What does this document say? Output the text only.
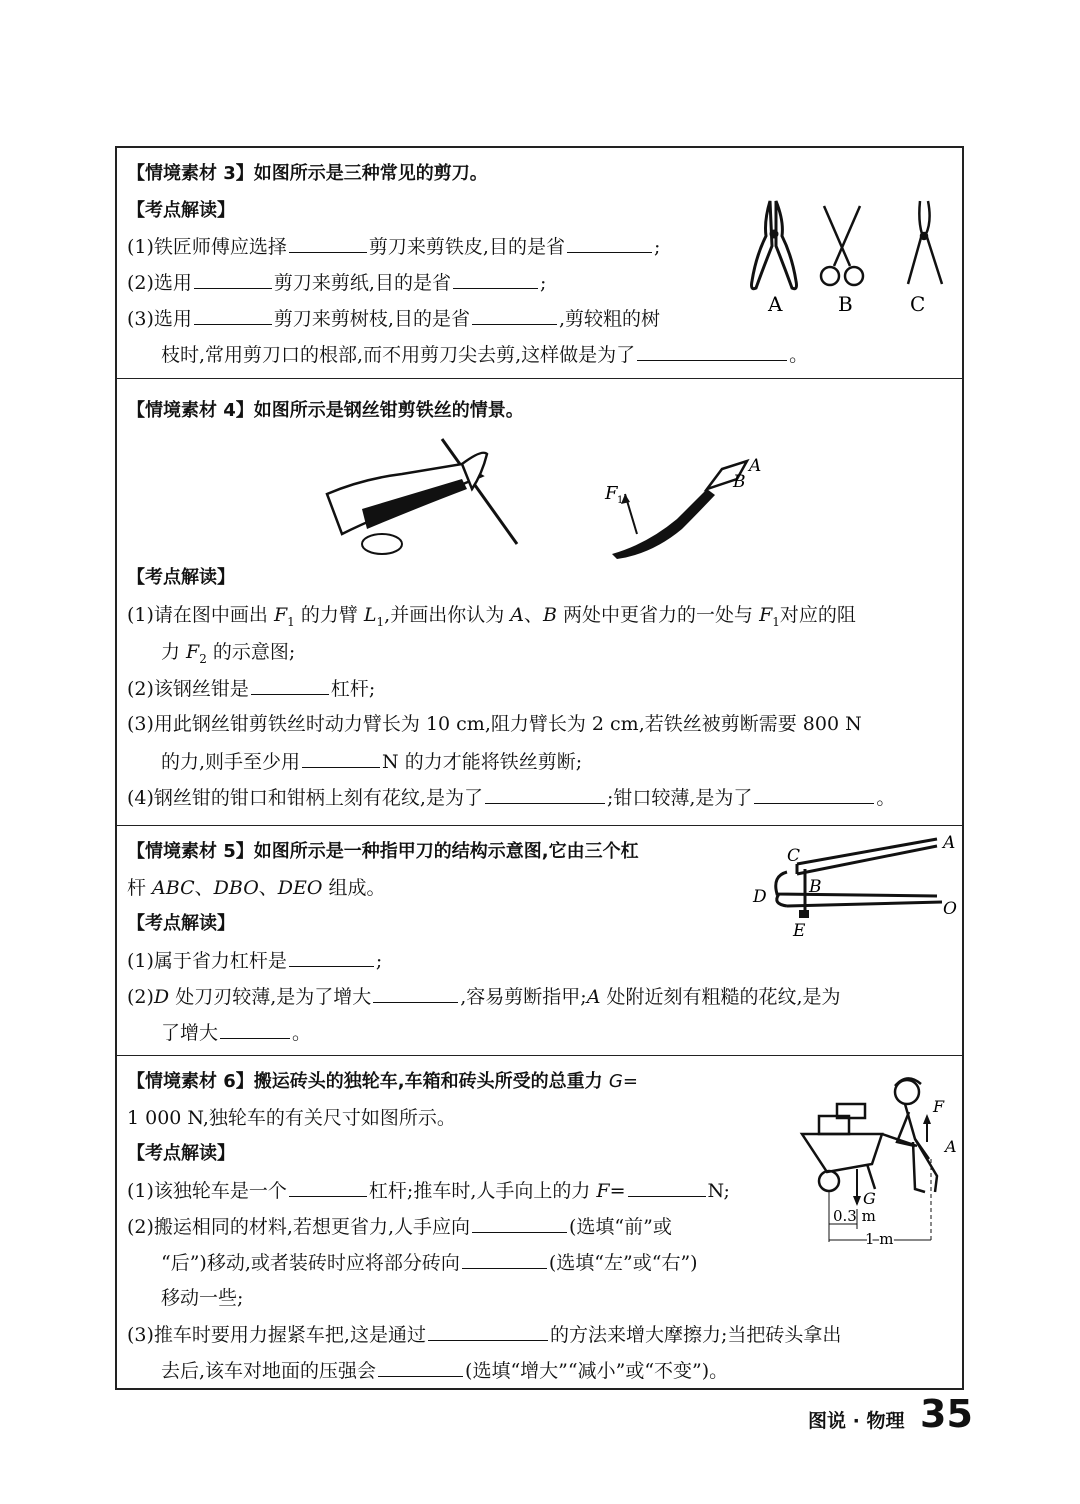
【情境素材 3】如图所示是三种常见的剪刀。
【考点解读】
(1)铁匠师傅应选择	剪刀来剪铁皮,目的是省	;
(2)选用	剪刀来剪纸,目的是省	;
(3)选用	剪刀来剪树枝,目的是省	,剪较粗的树
枝时,常用剪刀口的根部,而不用剪刀尖去剪,这样做是为了	。
A	B	C
【情境素材 4】如图所示是钢丝钳剪铁丝的情景。
F 1
A
B
【考点解读】
(1)请在图中画出 $F_1$ 的力臂 $L_1$,并画出你认为 A、B 两处中更省力的一处与 $F_1$对应的阻
力 $F_2$ 的示意图;
(2)该钢丝钳是	杠杆;
(3)用此钢丝钳剪铁丝时动力臂长为 10 cm,阻力臂长为 2 cm,若铁丝被剪断需要 800 N
的力,则手至少用	N 的力才能将铁丝剪断;
(4)钢丝钳的钳口和钳柄上刻有花纹,是为了	;钳口较薄,是为了	。
【情境素材 5】如图所示是一种指甲刀的结构示意图,它由三个杠
杆 ABC、DBO、DEO 组成。
【考点解读】
(1)属于省力杠杆是	;
(2)D 处刀刃较薄,是为了增大	,容易剪断指甲;A 处附近刻有粗糙的花纹,是为
了增大	。
C
A
B
D
O
E
【情境素材 6】搬运砖头的独轮车,车箱和砖头所受的总重力 G=
1 000 N,独轮车的有关尺寸如图所示。
【考点解读】
(1)该独轮车是一个	杠杆;推车时,人手向上的力 F=	N;
(2)搬运相同的材料,若想更省力,人手应向	(选填“前”或
“后”)移动,或者装砖时应将部分砖向	(选填“左”或“右”)
移动一些;
(3)推车时要用力握紧车把,这是通过	的方法来增大摩擦力;当把砖头拿出
去后,该车对地面的压强会	(选填“增大”“减小”或“不变”)。
F
A
G
0.3 m
1 m
图说 · 物理 35
